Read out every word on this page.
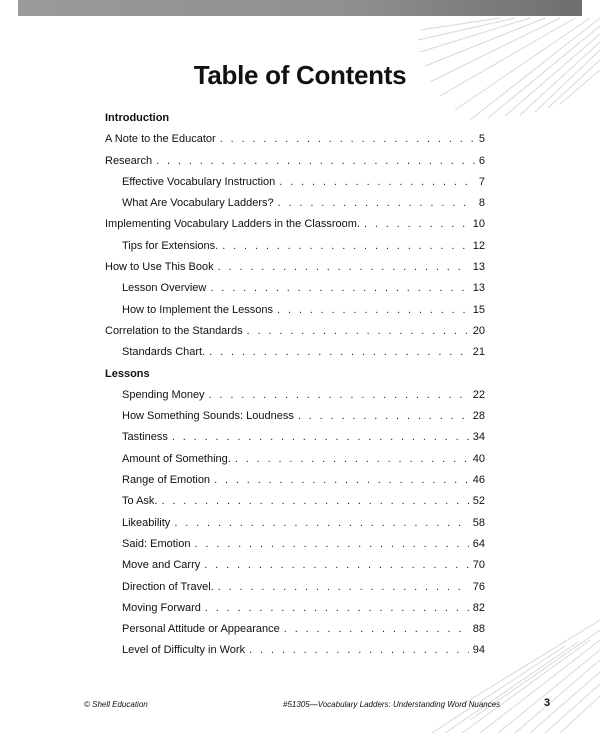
Table of Contents
Introduction
A Note to the Educator . . .	5
Research . . .	6
Effective Vocabulary Instruction . . .	7
What Are Vocabulary Ladders? . . .	8
Implementing Vocabulary Ladders in the Classroom. . . .	10
Tips for Extensions. . . .	12
How to Use This Book . . .	13
Lesson Overview . . .	13
How to Implement the Lessons . . .	15
Correlation to the Standards . . .	20
Standards Chart. . . .	21
Lessons
Spending Money . . .	22
How Something Sounds: Loudness . . .	28
Tastiness . . .	34
Amount of Something. . . .	40
Range of Emotion . . .	46
To Ask. . . .	52
Likeability . . .	58
Said: Emotion . . .	64
Move and Carry . . .	70
Direction of Travel. . . .	76
Moving Forward . . .	82
Personal Attitude or Appearance . . .	88
Level of Difficulty in Work . . .	94
© Shell Education	#51305—Vocabulary Ladders: Understanding Word Nuances	3
